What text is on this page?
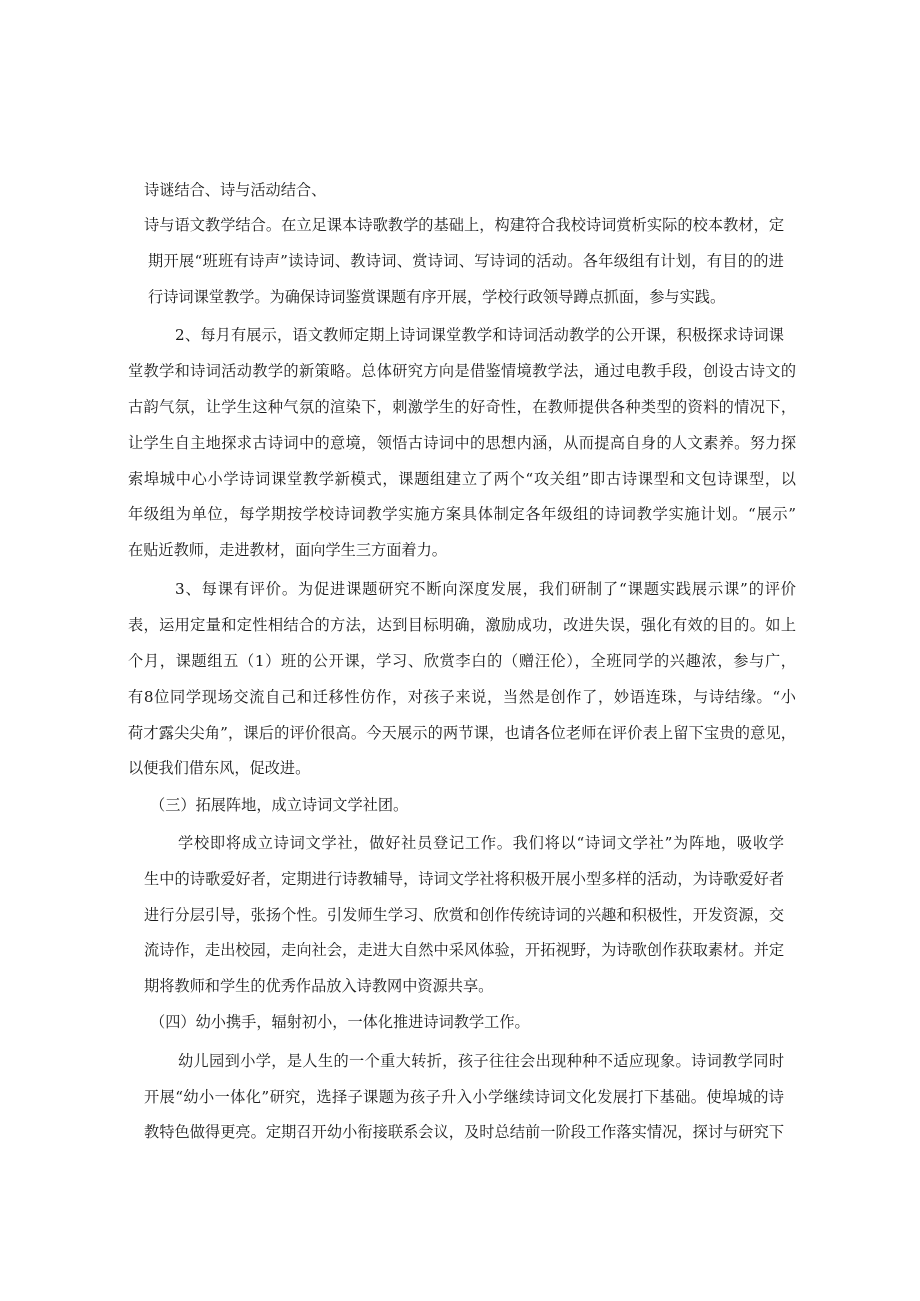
诗谜结合、诗与活动结合、
诗与语文教学结合。在立足课本诗歌教学的基础上，构建符合我校诗词赏析实际的校本教材，定
期开展“班班有诗声”读诗词、教诗词、赏诗词、写诗词的活动。各年级组有计划，有目的的进
行诗词课堂教学。为确保诗词鉴赏课题有序开展，学校行政领导蹲点抓面，参与实践。
2、每月有展示，语文教师定期上诗词课堂教学和诗词活动教学的公开课，积极探求诗词课
堂教学和诗词活动教学的新策略。总体研究方向是借鉴情境教学法，通过电教手段，创设古诗文的
古韵气氛，让学生这种气氛的渲染下，刺激学生的好奇性，在教师提供各种类型的资料的情况下，
让学生自主地探求古诗词中的意境，领悟古诗词中的思想内涵，从而提高自身的人文素养。努力探
索埠城中心小学诗词课堂教学新模式，课题组建立了两个“攻关组”即古诗课型和文包诗课型，以
年级组为单位，每学期按学校诗词教学实施方案具体制定各年级组的诗词教学实施计划。“展示”
在贴近教师，走进教材，面向学生三方面着力。
3、每课有评价。为促进课题研究不断向深度发展，我们研制了“课题实践展示课”的评价
表，运用定量和定性相结合的方法，达到目标明确，激励成功，改进失误，强化有效的目的。如上
个月，课题组五（1）班的公开课，学习、欣赏李白的（赠汪伦），全班同学的兴趣浓，参与广，
有8位同学现场交流自己和迁移性仿作，对孩子来说，当然是创作了，妙语连珠，与诗结缘。“小
荷才露尖尖角”，课后的评价很高。今天展示的两节课，也请各位老师在评价表上留下宝贵的意见，
以便我们借东风，促改进。
（三）拓展阵地，成立诗词文学社团。
学校即将成立诗词文学社，做好社员登记工作。我们将以“诗词文学社”为阵地，吸收学
生中的诗歌爱好者，定期进行诗教辅导，诗词文学社将积极开展小型多样的活动，为诗歌爱好者
进行分层引导，张扬个性。引发师生学习、欣赏和创作传统诗词的兴趣和积极性，开发资源，交
流诗作，走出校园，走向社会，走进大自然中采风体验，开拓视野，为诗歌创作获取素材。并定
期将教师和学生的优秀作品放入诗教网中资源共享。
（四）幼小携手，辐射初小，一体化推进诗词教学工作。
幼儿园到小学，是人生的一个重大转折，孩子往往会出现种种不适应现象。诗词教学同时
开展“幼小一体化”研究，选择子课题为孩子升入小学继续诗词文化发展打下基础。使埠城的诗
教特色做得更亮。定期召开幼小衔接联系会议，及时总结前一阶段工作落实情况，探讨与研究下
